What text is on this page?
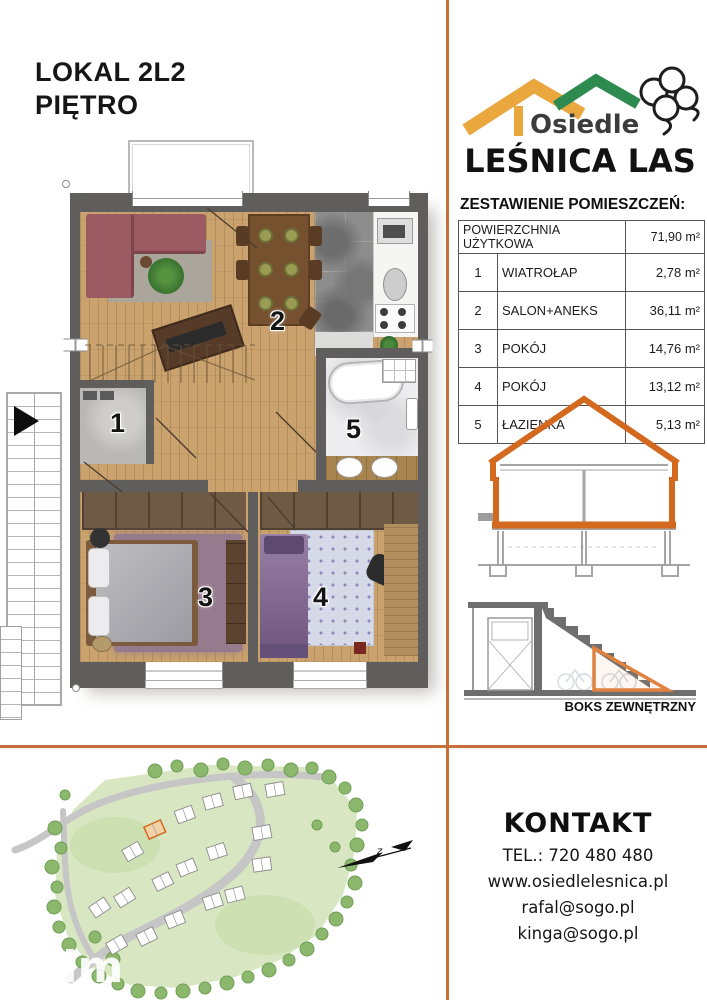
LOKAL 2L2
PIĘTRO
1
2
3	4
5
Osiedle
LEŚNICA LAS
ZESTAWIENIE POMIESZCZEŃ:
POWIERZCHNIA UŻYTKOWA		71,90 m²
1	WIATROŁAP	2,78 m²
2	SALON+ANEKS	36,11 m²
3	POKÓJ	14,76 m²
4	POKÓJ	13,12 m²
5	ŁAZIENKA	5,13 m²
BOKS ZEWNĘTRZNY
z
dm
KONTAKT
TEL.: 720 480 480
www.osiedlelesnica.pl
rafal@sogo.pl
kinga@sogo.pl
